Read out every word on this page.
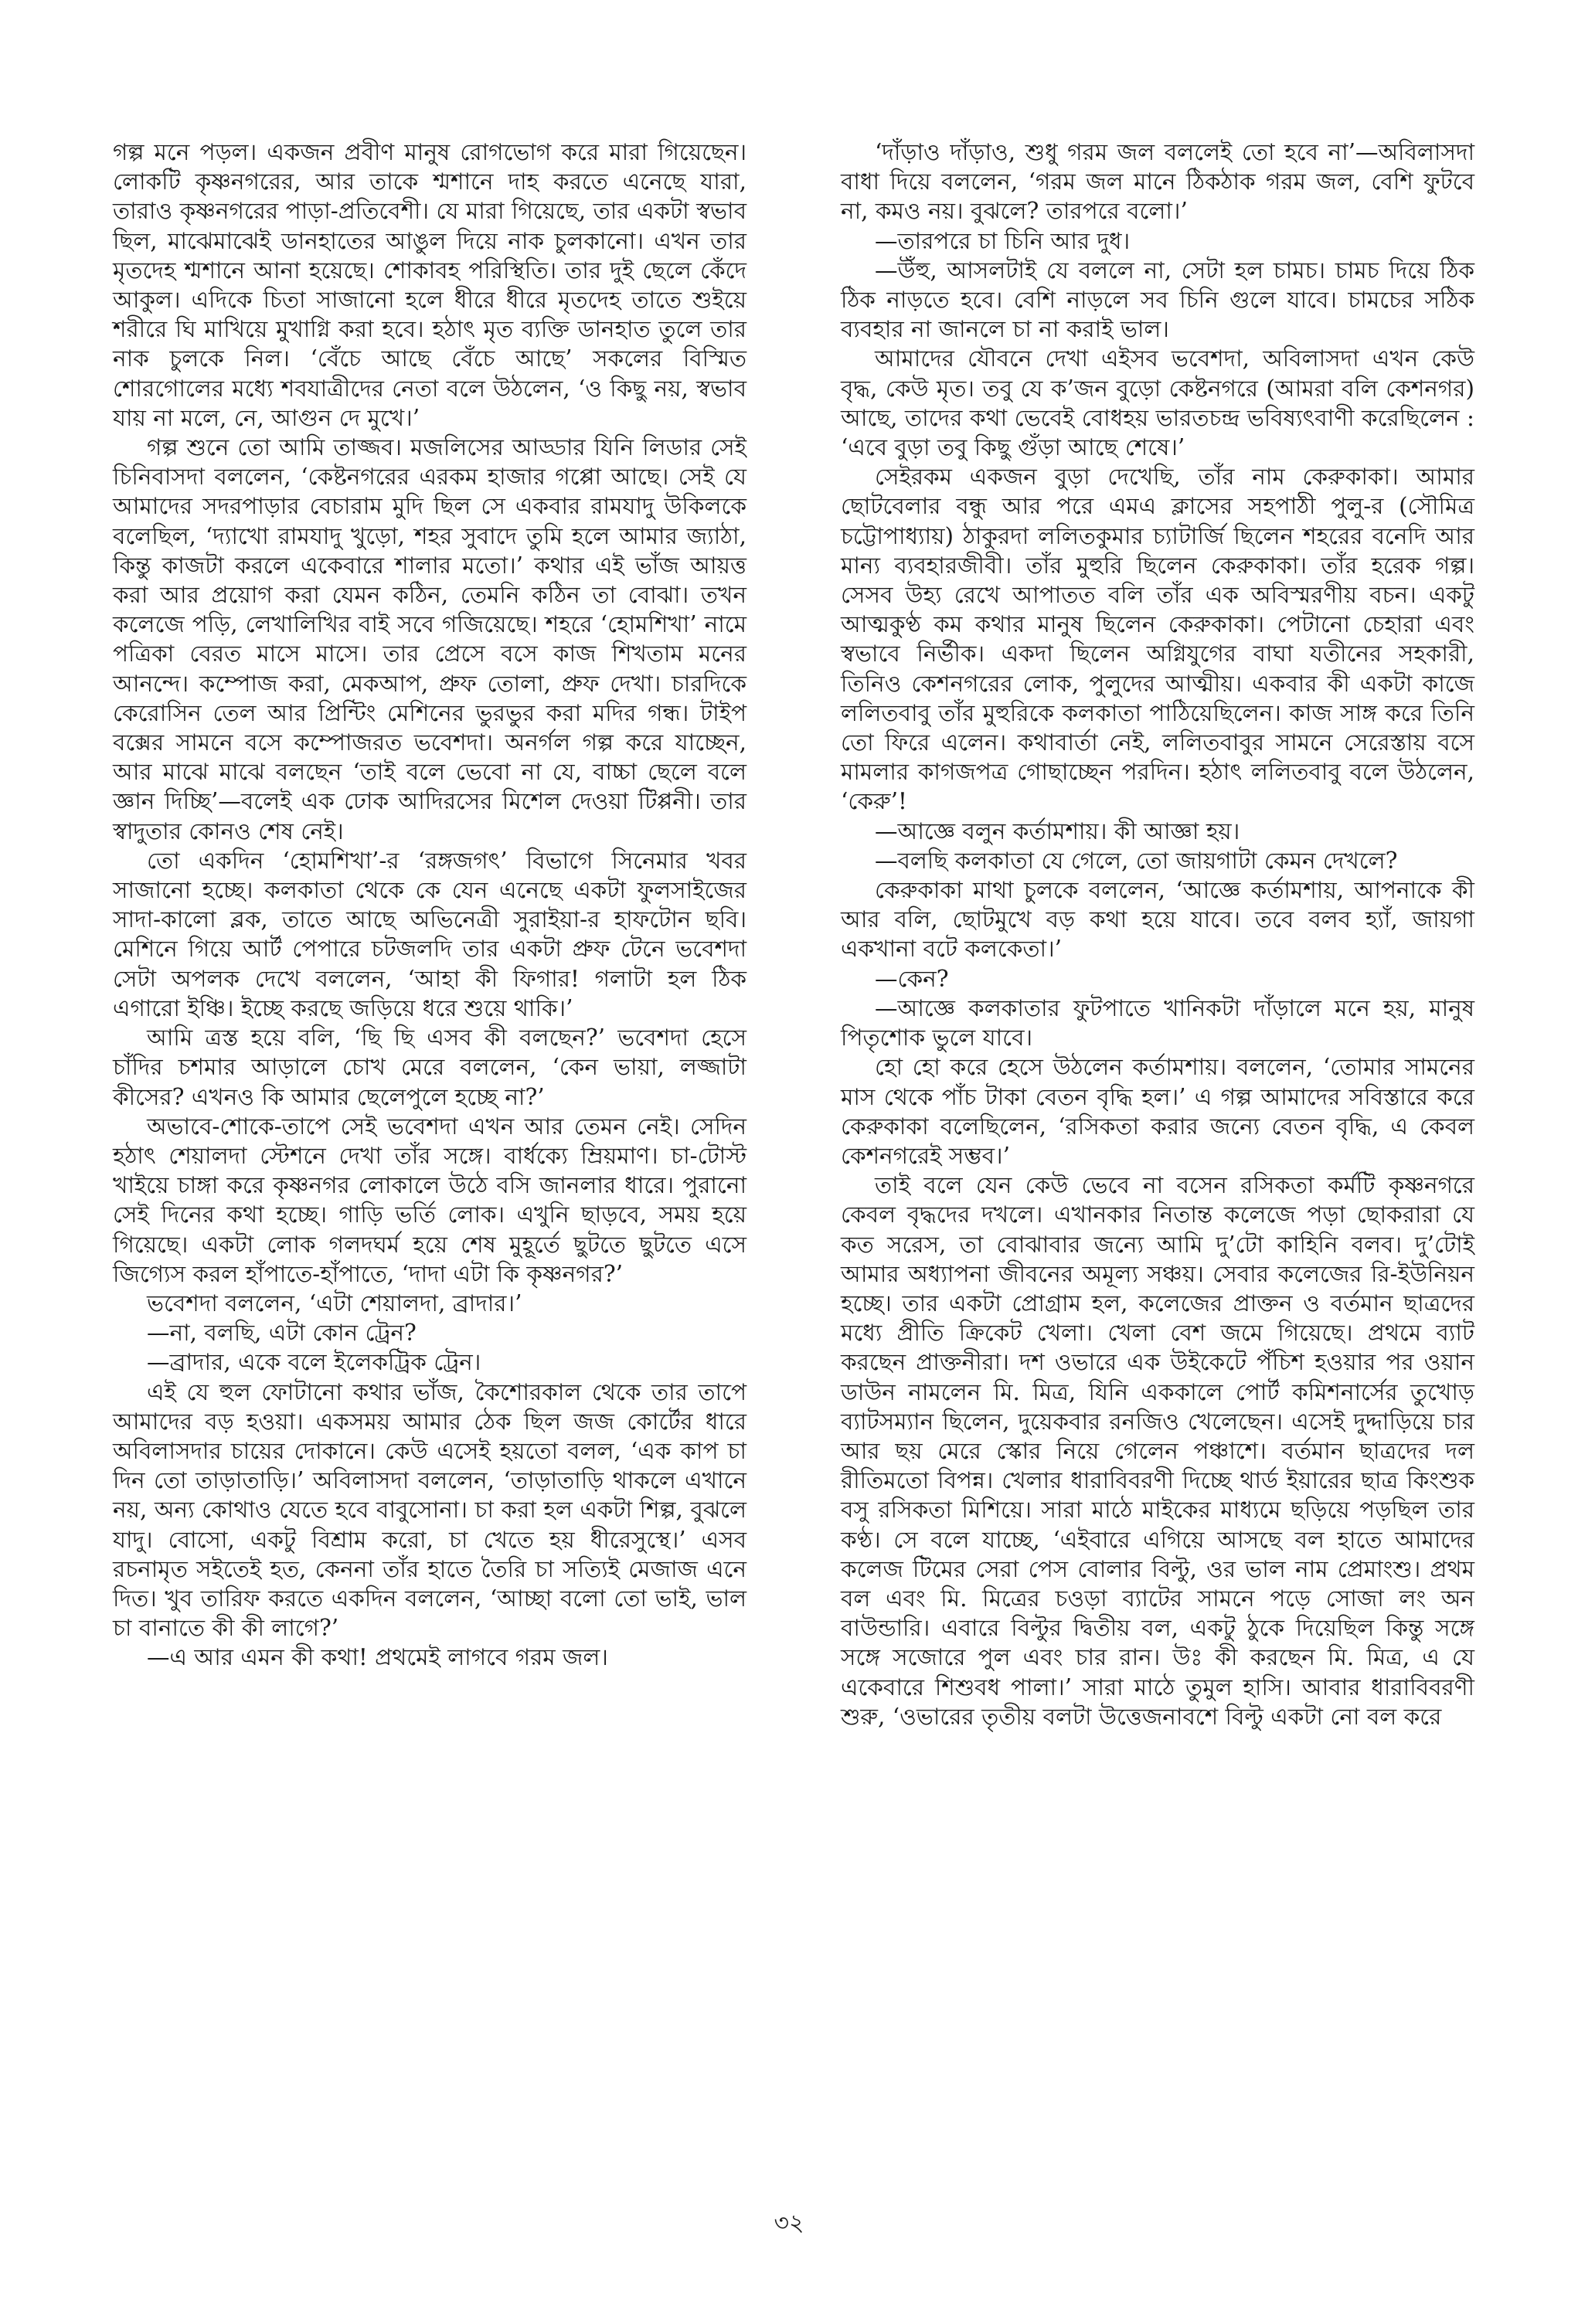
গল্প মনে পড়ল। একজন প্রবীণ মানুষ রোগভোগ করে মারা গিয়েছেন। লোকটি কৃষ্ণনগরের, আর তাকে শ্মশানে দাহ করতে এনেছে যারা, তারাও কৃষ্ণনগরের পাড়া-প্রতিবেশী। যে মারা গিয়েছে, তার একটা স্বভাব ছিল, মাঝেমাঝেই ডানহাতের আঙুল দিয়ে নাক চুলকানো। এখন তার মৃতদেহ শ্মশানে আনা হয়েছে। শোকাবহ পরিস্থিতি। তার দুই ছেলে কেঁদে আকুল। এদিকে চিতা সাজানো হলে ধীরে ধীরে মৃতদেহ তাতে শুইয়ে শরীরে ঘি মাখিয়ে মুখাগ্নি করা হবে। হঠাৎ মৃত ব্যক্তি ডানহাত তুলে তার নাক চুলকে নিল। ‘বেঁচে আছে বেঁচে আছে’ সকলের বিস্মিত শোরগোলের মধ্যে শবযাত্রীদের নেতা বলে উঠলেন, ‘ও কিছু নয়, স্বভাব যায় না মলে, নে, আগুন দে মুখে।’

গল্প শুনে তো আমি তাজ্জব। মজলিসের আড্ডার যিনি লিডার সেই চিনিবাসদা বললেন, ‘কেষ্টনগরের এরকম হাজার গপ্পো আছে। সেই যে আমাদের সদরপাড়ার বেচারাম মুদি ছিল সে একবার রামযাদু উকিলকে বলেছিল, ‘দ্যাখো রামযাদু খুড়ো, শহর সুবাদে তুমি হলে আমার জ্যাঠা, কিন্তু কাজটা করলে একেবারে শালার মতো।’ কথার এই ভাঁজ আয়ত্ত করা আর প্রয়োগ করা যেমন কঠিন, তেমনি কঠিন তা বোঝা। তখন কলেজে পড়ি, লেখালিখির বাই সবে গজিয়েছে। শহরে ‘হোমশিখা’ নামে পত্রিকা বেরত মাসে মাসে। তার প্রেসে বসে কাজ শিখতাম মনের আনন্দে। কম্পোজ করা, মেকআপ, প্রুফ তোলা, প্রুফ দেখা। চারদিকে কেরোসিন তেল আর প্রিন্টিং মেশিনের ভুরভুর করা মদির গন্ধ। টাইপ বক্সের সামনে বসে কম্পোজরত ভবেশদা। অনর্গল গল্প করে যাচ্ছেন, আর মাঝে মাঝে বলছেন ‘তাই বলে ভেবো না যে, বাচ্চা ছেলে বলে জ্ঞান দিচ্ছি’—বলেই এক ঢোক আদিরসের মিশেল দেওয়া টিপ্পনী। তার স্বাদুতার কোনও শেষ নেই।

তো একদিন ‘হোমশিখা’-র ‘রঙ্গজগৎ’ বিভাগে সিনেমার খবর সাজানো হচ্ছে। কলকাতা থেকে কে যেন এনেছে একটা ফুলসাইজের সাদা-কালো ব্লক, তাতে আছে অভিনেত্রী সুরাইয়া-র হাফটোন ছবি। মেশিনে গিয়ে আর্ট পেপারে চটজলদি তার একটা প্রুফ টেনে ভবেশদা সেটা অপলক দেখে বললেন, ‘আহা কী ফিগার! গলাটা হল ঠিক এগারো ইঞ্চি। ইচ্ছে করছে জড়িয়ে ধরে শুয়ে থাকি।’

আমি ত্রস্ত হয়ে বলি, ‘ছি ছি এসব কী বলছেন?’ ভবেশদা হেসে চাঁদির চশমার আড়ালে চোখ মেরে বললেন, ‘কেন ভায়া, লজ্জাটা কীসের? এখনও কি আমার ছেলেপুলে হচ্ছে না?’

অভাবে-শোকে-তাপে সেই ভবেশদা এখন আর তেমন নেই। সেদিন হঠাৎ শেয়ালদা স্টেশনে দেখা তাঁর সঙ্গে। বার্ধক্যে ম্রিয়মাণ। চা-টোস্ট খাইয়ে চাঙ্গা করে কৃষ্ণনগর লোকালে উঠে বসি জানলার ধারে। পুরানো সেই দিনের কথা হচ্ছে। গাড়ি ভর্তি লোক। এখুনি ছাড়বে, সময় হয়ে গিয়েছে। একটা লোক গলদঘর্ম হয়ে শেষ মুহূর্তে ছুটতে ছুটতে এসে জিগ্যেস করল হাঁপাতে-হাঁপাতে, ‘দাদা এটা কি কৃষ্ণনগর?’

ভবেশদা বললেন, ‘এটা শেয়ালদা, ব্রাদার।’

—না, বলছি, এটা কোন ট্রেন?

—ব্রাদার, একে বলে ইলেকট্রিক ট্রেন।

এই যে হুল ফোটানো কথার ভাঁজ, কৈশোরকাল থেকে তার তাপে আমাদের বড় হওয়া। একসময় আমার ঠেক ছিল জজ কোর্টের ধারে অবিলাসদার চায়ের দোকানে। কেউ এসেই হয়তো বলল, ‘এক কাপ চা দিন তো তাড়াতাড়ি।’ অবিলাসদা বললেন, ‘তাড়াতাড়ি থাকলে এখানে নয়, অন্য কোথাও যেতে হবে বাবুসোনা। চা করা হল একটা শিল্প, বুঝলে যাদু। বোসো, একটু বিশ্রাম করো, চা খেতে হয় ধীরেসুস্থে।’ এসব রচনামৃত সইতেই হত, কেননা তাঁর হাতে তৈরি চা সত্যিই মেজাজ এনে দিত। খুব তারিফ করতে একদিন বললেন, ‘আচ্ছা বলো তো ভাই, ভাল চা বানাতে কী কী লাগে?’

—এ আর এমন কী কথা! প্রথমেই লাগবে গরম জল।

‘দাঁড়াও দাঁড়াও, শুধু গরম জল বললেই তো হবে না’—অবিলাসদা বাধা দিয়ে বললেন, ‘গরম জল মানে ঠিকঠাক গরম জল, বেশি ফুটবে না, কমও নয়। বুঝলে? তারপরে বলো।’

—তারপরে চা চিনি আর দুধ।

—উঁহু, আসলটাই যে বললে না, সেটা হল চামচ। চামচ দিয়ে ঠিক ঠিক নাড়তে হবে। বেশি নাড়লে সব চিনি গুলে যাবে। চামচের সঠিক ব্যবহার না জানলে চা না করাই ভাল।

আমাদের যৌবনে দেখা এইসব ভবেশদা, অবিলাসদা এখন কেউ বৃদ্ধ, কেউ মৃত। তবু যে ক’জন বুড়ো কেষ্টনগরে (আমরা বলি কেশনগর) আছে, তাদের কথা ভেবেই বোধহয় ভারতচন্দ্র ভবিষ্যৎবাণী করেছিলেন : ‘এবে বুড়া তবু কিছু গুঁড়া আছে শেষে।’

সেইরকম একজন বুড়া দেখেছি, তাঁর নাম কেরুকাকা। আমার ছোটবেলার বন্ধু আর পরে এমএ ক্লাসের সহপাঠী পুলু-র (সৌমিত্র চট্টোপাধ্যায়) ঠাকুরদা ললিতকুমার চ্যাটার্জি ছিলেন শহরের বনেদি আর মান্য ব্যবহারজীবী। তাঁর মুহুরি ছিলেন কেরুকাকা। তাঁর হরেক গল্প। সেসব উহ্য রেখে আপাতত বলি তাঁর এক অবিস্মরণীয় বচন। একটু আত্মকুণ্ঠ কম কথার মানুষ ছিলেন কেরুকাকা। পেটানো চেহারা এবং স্বভাবে নির্ভীক। একদা ছিলেন অগ্নিযুগের বাঘা যতীনের সহকারী, তিনিও কেশনগরের লোক, পুলুদের আত্মীয়। একবার কী একটা কাজে ললিতবাবু তাঁর মুহুরিকে কলকাতা পাঠিয়েছিলেন। কাজ সাঙ্গ করে তিনি তো ফিরে এলেন। কথাবার্তা নেই, ললিতবাবুর সামনে সেরেস্তায় বসে মামলার কাগজপত্র গোছাচ্ছেন পরদিন। হঠাৎ ললিতবাবু বলে উঠলেন, ‘কেরু’!

—আজ্ঞে বলুন কর্তামশায়। কী আজ্ঞা হয়।

—বলছি কলকাতা যে গেলে, তো জায়গাটা কেমন দেখলে?

কেরুকাকা মাথা চুলকে বললেন, ‘আজ্ঞে কর্তামশায়, আপনাকে কী আর বলি, ছোটমুখে বড় কথা হয়ে যাবে। তবে বলব হ্যাঁ, জায়গা একখানা বটে কলকেতা।’

—কেন?

—আজ্ঞে কলকাতার ফুটপাতে খানিকটা দাঁড়ালে মনে হয়, মানুষ পিতৃশোক ভুলে যাবে।

হো হো করে হেসে উঠলেন কর্তামশায়। বললেন, ‘তোমার সামনের মাস থেকে পাঁচ টাকা বেতন বৃদ্ধি হল।’ এ গল্প আমাদের সবিস্তারে করে কেরুকাকা বলেছিলেন, ‘রসিকতা করার জন্যে বেতন বৃদ্ধি, এ কেবল কেশনগরেই সম্ভব।’

তাই বলে যেন কেউ ভেবে না বসেন রসিকতা কর্মটি কৃষ্ণনগরে কেবল বৃদ্ধদের দখলে। এখানকার নিতান্ত কলেজে পড়া ছোকরারা যে কত সরেস, তা বোঝাবার জন্যে আমি দু’টো কাহিনি বলব। দু’টোই আমার অধ্যাপনা জীবনের অমূল্য সঞ্চয়। সেবার কলেজের রি-ইউনিয়ন হচ্ছে। তার একটা প্রোগ্রাম হল, কলেজের প্রাক্তন ও বর্তমান ছাত্রদের মধ্যে প্রীতি ক্রিকেট খেলা। খেলা বেশ জমে গিয়েছে। প্রথমে ব্যাট করছেন প্রাক্তনীরা। দশ ওভারে এক উইকেটে পঁচিশ হওয়ার পর ওয়ান ডাউন নামলেন মি. মিত্র, যিনি এককালে পোর্ট কমিশনার্সের তুখোড় ব্যাটসম্যান ছিলেন, দুয়েকবার রনজিও খেলেছেন। এসেই দুদ্দাড়িয়ে চার আর ছয় মেরে স্কোর নিয়ে গেলেন পঞ্চাশে। বর্তমান ছাত্রদের দল রীতিমতো বিপন্ন। খেলার ধারাবিবরণী দিচ্ছে থার্ড ইয়ারের ছাত্র কিংশুক বসু রসিকতা মিশিয়ে। সারা মাঠে মাইকের মাধ্যমে ছড়িয়ে পড়ছিল তার কণ্ঠ। সে বলে যাচ্ছে, ‘এইবারে এগিয়ে আসছে বল হাতে আমাদের কলেজ টিমের সেরা পেস বোলার বিল্টু, ওর ভাল নাম প্রেমাংশু। প্রথম বল এবং মি. মিত্রের চওড়া ব্যাটের সামনে পড়ে সোজা লং অন বাউন্ডারি। এবারে বিল্টুর দ্বিতীয় বল, একটু ঠুকে দিয়েছিল কিন্তু সঙ্গে সঙ্গে সজোরে পুল এবং চার রান। উঃ কী করছেন মি. মিত্র, এ যে একেবারে শিশুবধ পালা।’ সারা মাঠে তুমুল হাসি। আবার ধারাবিবরণী শুরু, ‘ওভারের তৃতীয় বলটা উত্তেজনাবশে বিল্টু একটা নো বল করে

৩২
